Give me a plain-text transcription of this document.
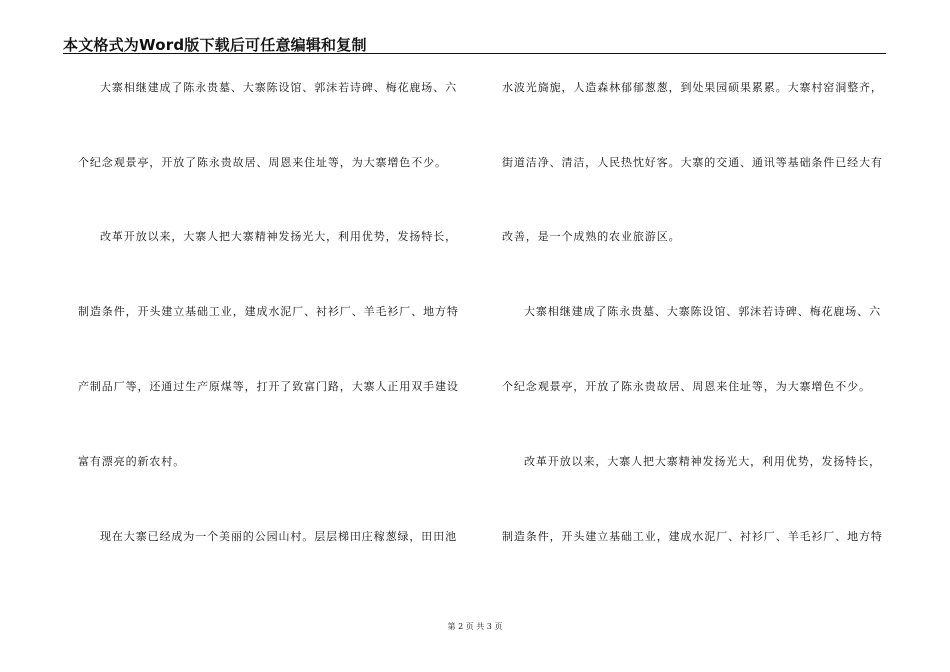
本文格式为Word版下载后可任意编辑和复制
大寨相继建成了陈永贵墓、大寨陈设馆、郭沫若诗碑、梅花鹿场、六
个纪念观景亭，开放了陈永贵故居、周恩来住址等，为大寨增色不少。
改革开放以来，大寨人把大寨精神发扬光大，利用优势，发扬特长，
制造条件，开头建立基础工业，建成水泥厂、衬衫厂、羊毛衫厂、地方特
产制品厂等，还通过生产原煤等，打开了致富门路，大寨人正用双手建设
富有漂亮的新农村。
现在大寨已经成为一个美丽的公园山村。层层梯田庄稼葱绿，田田池
水波光旖旎，人造森林郁郁葱葱，到处果园硕果累累。大寨村窑洞整齐，
街道洁净、清洁，人民热忱好客。大寨的交通、通讯等基础条件已经大有
改善，是一个成熟的农业旅游区。
大寨相继建成了陈永贵墓、大寨陈设馆、郭沫若诗碑、梅花鹿场、六
个纪念观景亭，开放了陈永贵故居、周恩来住址等，为大寨增色不少。
改革开放以来，大寨人把大寨精神发扬光大，利用优势，发扬特长，
制造条件，开头建立基础工业，建成水泥厂、衬衫厂、羊毛衫厂、地方特
第 2 页 共 3 页
